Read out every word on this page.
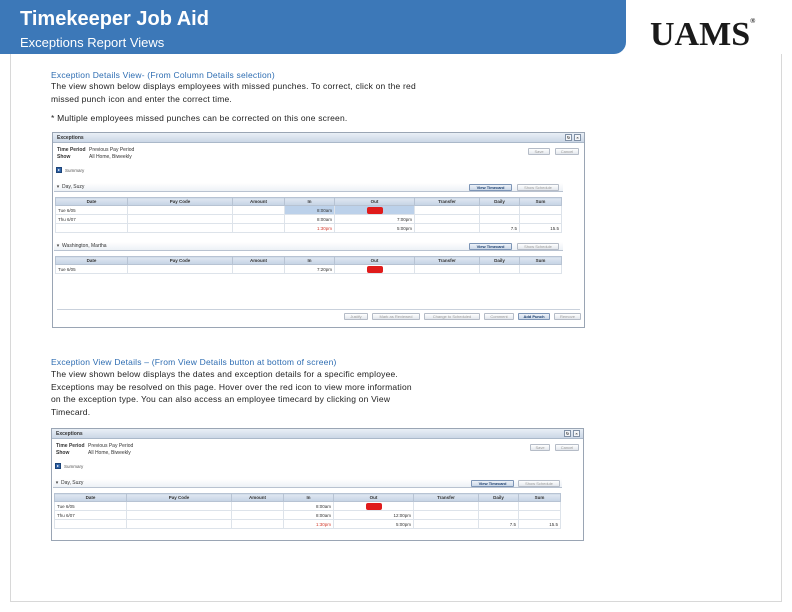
Timekeeper Job Aid
Exceptions Report Views	UAMS®
Exception Details View- (From Column Details selection)
The view shown below displays employees with missed punches. To correct, click on the red missed punch icon and enter the correct time.
* Multiple employees missed punches can be corrected on this one screen.
Exceptions	↻	×
Time Period Previous Pay Period
Show	All Home, Biweekly
Save	Cancel
▸	Summary
▾ Day, Suzy	View Timecard	Show Schedule
Date	Pay Code	Amount	In	Out	Transfer	Daily	Sum
Tue 6/05			8:00am				
Thu 6/07			8:00am	7:00pm			
			1:30pm	5:00pm		7.5	15.5
▾ Washington, Martha	View Timecard	Show Schedule
Date	Pay Code	Amount	In	Out	Transfer	Daily	Sum
Tue 6/05			7:20pm				
Justify	Mark as Reviewed	Change to Scheduled	Comment	Add Punch	Remove
Exception View Details – (From View Details button at bottom of screen)
The view shown below displays the dates and exception details for a specific employee. Exceptions may be resolved on this page. Hover over the red icon to view more information on the exception type. You can also access an employee timecard by clicking on View Timecard.
Exceptions	↻	×
Time Period Previous Pay Period
Show	All Home, Biweekly
Save	Cancel
▸	Summary
▾ Day, Suzy	View Timecard	Show Schedule
Date	Pay Code	Amount	In	Out	Transfer	Daily	Sum
Tue 6/05			8:00am				
Thu 6/07			8:00am	12:00pm			
			1:30pm	5:00pm		7.5	15.5
